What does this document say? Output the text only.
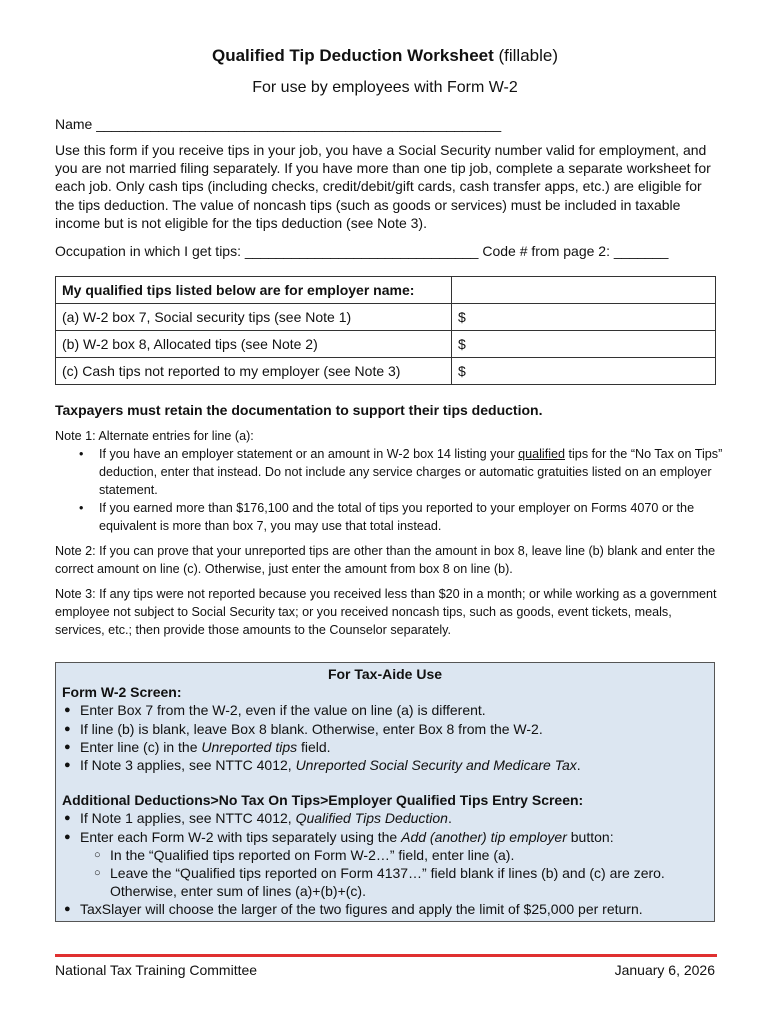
Qualified Tip Deduction Worksheet (fillable)
For use by employees with Form W-2
Name ____________________________________________________
Use this form if you receive tips in your job, you have a Social Security number valid for employment, and you are not married filing separately. If you have more than one tip job, complete a separate worksheet for each job. Only cash tips (including checks, credit/debit/gift cards, cash transfer apps, etc.) are eligible for the tips deduction. The value of noncash tips (such as goods or services) must be included in taxable income but is not eligible for the tips deduction (see Note 3).
Occupation in which I get tips: ______________________________ Code # from page 2: _______
My qualified tips listed below are for employer name:	
(a) W-2 box 7, Social security tips (see Note 1)	$
(b) W-2 box 8, Allocated tips (see Note 2)	$
(c) Cash tips not reported to my employer (see Note 3)	$
Taxpayers must retain the documentation to support their tips deduction.
Note 1: Alternate entries for line (a):
• If you have an employer statement or an amount in W-2 box 14 listing your qualified tips for the “No Tax on Tips” deduction, enter that instead. Do not include any service charges or automatic gratuities listed on an employer statement.
• If you earned more than $176,100 and the total of tips you reported to your employer on Forms 4070 or the equivalent is more than box 7, you may use that total instead.
Note 2: If you can prove that your unreported tips are other than the amount in box 8, leave line (b) blank and enter the correct amount on line (c). Otherwise, just enter the amount from box 8 on line (b).
Note 3: If any tips were not reported because you received less than $20 in a month; or while working as a government employee not subject to Social Security tax; or you received noncash tips, such as goods, event tickets, meals, services, etc.; then provide those amounts to the Counselor separately.
For Tax-Aide Use
Form W-2 Screen:
● Enter Box 7 from the W-2, even if the value on line (a) is different.
● If line (b) is blank, leave Box 8 blank. Otherwise, enter Box 8 from the W-2.
● Enter line (c) in the Unreported tips field.
● If Note 3 applies, see NTTC 4012, Unreported Social Security and Medicare Tax.
Additional Deductions>No Tax On Tips>Employer Qualified Tips Entry Screen:
● If Note 1 applies, see NTTC 4012, Qualified Tips Deduction.
● Enter each Form W-2 with tips separately using the Add (another) tip employer button:
○ In the “Qualified tips reported on Form W-2…” field, enter line (a).
○ Leave the “Qualified tips reported on Form 4137…” field blank if lines (b) and (c) are zero. Otherwise, enter sum of lines (a)+(b)+(c).
● TaxSlayer will choose the larger of the two figures and apply the limit of $25,000 per return.
National Tax Training Committee	January 6, 2026
